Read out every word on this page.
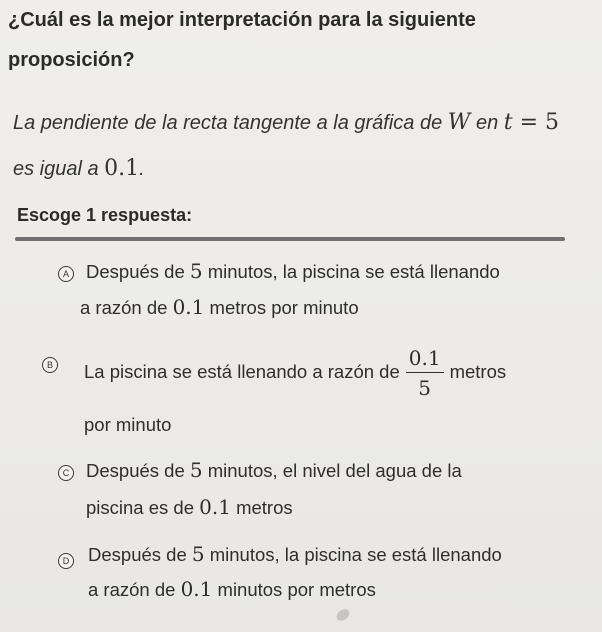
¿Cuál es la mejor interpretación para la siguiente
proposición?
La pendiente de la recta tangente a la gráfica de W en t = 5
es igual a 0.1.
Escoge 1 respuesta:
A Después de 5 minutos, la piscina se está llenando
a razón de 0.1 metros por minuto
B La piscina se está llenando a razón de $\frac{0.1}{5}$ metros
por minuto
C Después de 5 minutos, el nivel del agua de la
piscina es de 0.1 metros
D Después de 5 minutos, la piscina se está llenando
a razón de 0.1 minutos por metros
